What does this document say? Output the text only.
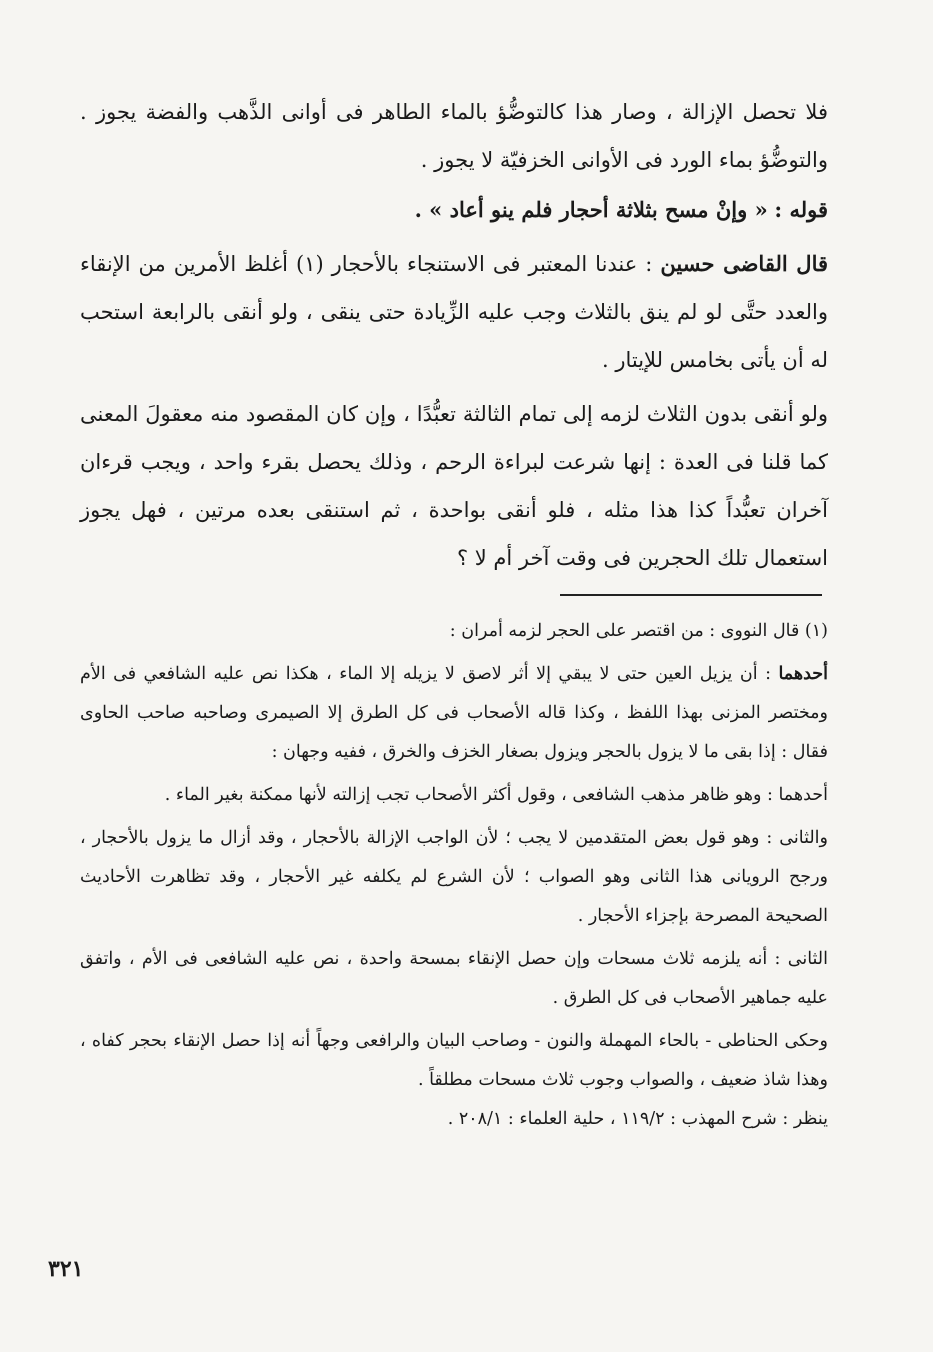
فلا تحصل الإزالة ، وصار هذا كالتوضُّؤ بالماء الطاهر فى أوانى الذَّهب والفضة يجوز . والتوضُّؤ بماء الورد فى الأوانى الخزفيّة لا يجوز .

قوله : « وإنْ مسح بثلاثة أحجار فلم ينو أعاد » .

قال القاضى حسين : عندنا المعتبر فى الاستنجاء بالأحجار (١) أغلظ الأمرين من الإنقاء والعدد حتَّى لو لم ينق بالثلاث وجب عليه الزِّيادة حتى ينقى ، ولو أنقى بالرابعة استحب له أن يأتى بخامس للإيتار .

ولو أنقى بدون الثلاث لزمه إلى تمام الثالثة تعبُّدًا ، وإن كان المقصود منه معقولَ المعنى كما قلنا فى العدة : إنها شرعت لبراءة الرحم ، وذلك يحصل بقرء واحد ، ويجب قرءان آخران تعبُّداً كذا هذا مثله ، فلو أنقى بواحدة ، ثم استنقى بعده مرتين ، فهل يجوز استعمال تلك الحجرين فى وقت آخر أم لا ؟

(١) قال النووى : من اقتصر على الحجر لزمه أمران :

أحدهما : أن يزيل العين حتى لا يبقي إلا أثر لاصق لا يزيله إلا الماء ، هكذا نص عليه الشافعي فى الأم ومختصر المزنى بهذا اللفظ ، وكذا قاله الأصحاب فى كل الطرق إلا الصيمرى وصاحبه صاحب الحاوى فقال : إذا بقى ما لا يزول بالحجر ويزول بصغار الخزف والخرق ، ففيه وجهان :

أحدهما : وهو ظاهر مذهب الشافعى ، وقول أكثر الأصحاب تجب إزالته لأنها ممكنة بغير الماء .

والثانى : وهو قول بعض المتقدمين لا يجب ؛ لأن الواجب الإزالة بالأحجار ، وقد أزال ما يزول بالأحجار ، ورجح الرويانى هذا الثانى وهو الصواب ؛ لأن الشرع لم يكلفه غير الأحجار ، وقد تظاهرت الأحاديث الصحيحة المصرحة بإجزاء الأحجار .

الثانى : أنه يلزمه ثلاث مسحات وإن حصل الإنقاء بمسحة واحدة ، نص عليه الشافعى فى الأم ، واتفق عليه جماهير الأصحاب فى كل الطرق .

وحكى الحناطى - بالحاء المهملة والنون - وصاحب البيان والرافعى وجهاً أنه إذا حصل الإنقاء بحجر كفاه ، وهذا شاذ ضعيف ، والصواب وجوب ثلاث مسحات مطلقاً .

ينظر : شرح المهذب : ١١٩/٢ ، حلية العلماء : ٢٠٨/١ .

٣٢١
